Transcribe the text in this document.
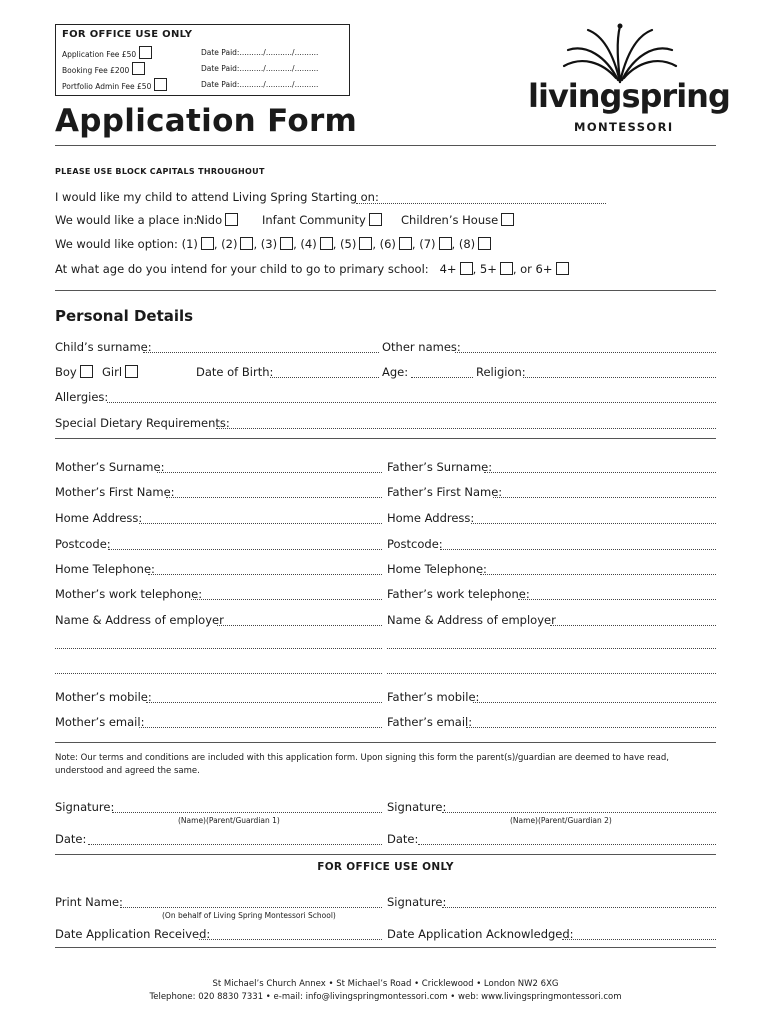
FOR OFFICE USE ONLY
Application Fee £50	Date Paid:........../.........../..........
Booking Fee £200	Date Paid:........../.........../..........
Portfolio Admin Fee £50	Date Paid:........../.........../..........	livingspring
MONTESSORI
Application Form
PLEASE USE BLOCK CAPITALS THROUGHOUT
I would like my child to attend Living Spring Starting on:
We would like a place in:
Nido	Infant Community	Children’s House
We would like option: (1) , (2) , (3) , (4) , (5) , (6) , (7) , (8)
At what age do you intend for your child to go to primary school: 4+ , 5+ , or 6+
Personal Details
Child’s surname:	Other names:
Boy	Girl	Date of Birth:	Age:	Religion:
Allergies:
Special Dietary Requirements:
Mother’s Surname:	Father’s Surname:
Mother’s First Name:	Father’s First Name:
Home Address:	Home Address:
Postcode:	Postcode:
Home Telephone:	Home Telephone:
Mother’s work telephone:	Father’s work telephone:
Name & Address of employer	Name & Address of employer
Mother’s mobile:	Father’s mobile:
Mother’s email:	Father’s email:
Note: Our terms and conditions are included with this application form. Upon signing this form the parent(s)/guardian are deemed to have read, understood and agreed the same.
Signature:
(Name)(Parent/Guardian 1)
Signature:
(Name)(Parent/Guardian 2)
Date:	Date:
FOR OFFICE USE ONLY
Print Name:
(On behalf of Living Spring Montessori School)
Signature:
Date Application Received:	Date Application Acknowledged:
St Michael’s Church Annex • St Michael’s Road • Cricklewood • London NW2 6XG
Telephone: 020 8830 7331 • e-mail: info@livingspringmontessori.com • web: www.livingspringmontessori.com
